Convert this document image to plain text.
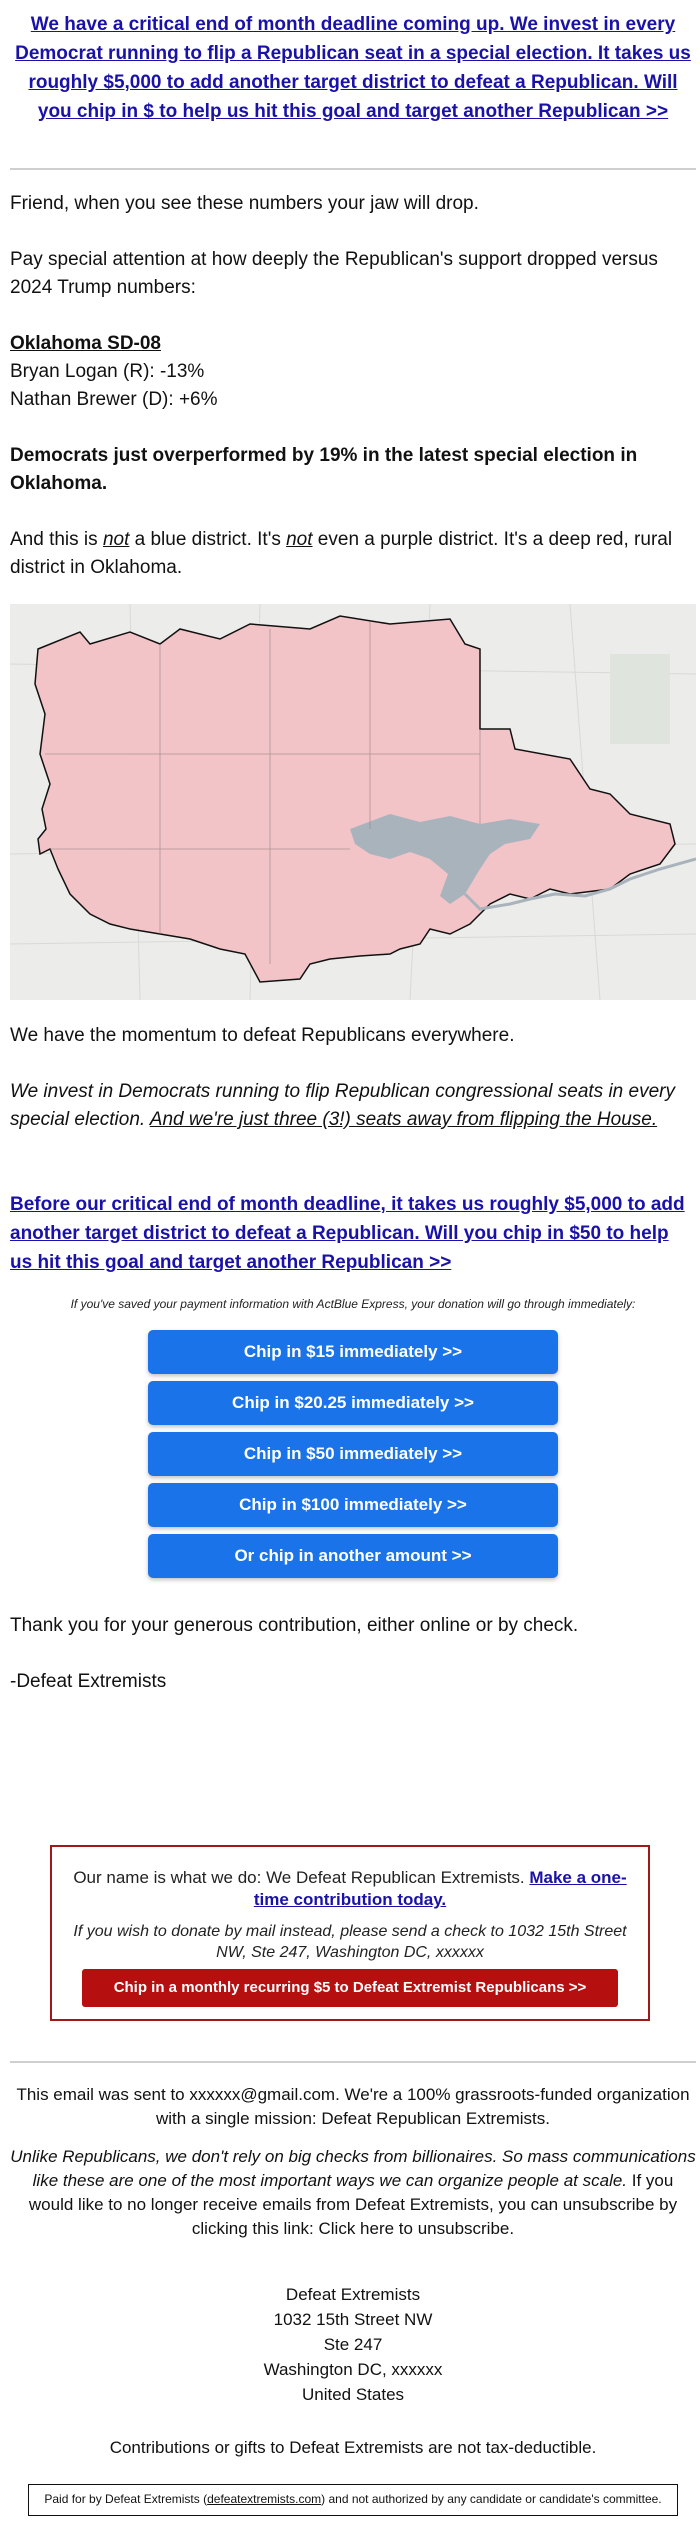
We have a critical end of month deadline coming up. We invest in every Democrat running to flip a Republican seat in a special election. It takes us roughly $5,000 to add another target district to defeat a Republican. Will you chip in $ to help us hit this goal and target another Republican >>
Friend, when you see these numbers your jaw will drop.
Pay special attention at how deeply the Republican's support dropped versus 2024 Trump numbers:
Oklahoma SD-08
Bryan Logan (R): -13%
Nathan Brewer (D): +6%
Democrats just overperformed by 19% in the latest special election in Oklahoma.
And this is not a blue district. It's not even a purple district. It's a deep red, rural district in Oklahoma.
We have the momentum to defeat Republicans everywhere.
We invest in Democrats running to flip Republican congressional seats in every special election. And we're just three (3!) seats away from flipping the House.
Before our critical end of month deadline, it takes us roughly $5,000 to add another target district to defeat a Republican. Will you chip in $50 to help us hit this goal and target another Republican >>
If you've saved your payment information with ActBlue Express, your donation will go through immediately:
Chip in $15 immediately >>
Chip in $20.25 immediately >>
Chip in $50 immediately >>
Chip in $100 immediately >>
Or chip in another amount >>
Thank you for your generous contribution, either online or by check.
-Defeat Extremists
Our name is what we do: We Defeat Republican Extremists. Make a one-time contribution today.
If you wish to donate by mail instead, please send a check to 1032 15th Street NW, Ste 247, Washington DC, xxxxxx
Chip in a monthly recurring $5 to Defeat Extremist Republicans >>
This email was sent to xxxxxx@gmail.com. We're a 100% grassroots-funded organization with a single mission: Defeat Republican Extremists.
Unlike Republicans, we don't rely on big checks from billionaires. So mass communications like these are one of the most important ways we can organize people at scale. If you would like to no longer receive emails from Defeat Extremists, you can unsubscribe by clicking this link: Click here to unsubscribe.
Defeat Extremists
1032 15th Street NW
Ste 247
Washington DC, xxxxxx
United States
Contributions or gifts to Defeat Extremists are not tax-deductible.
Paid for by Defeat Extremists (defeatextremists.com) and not authorized by any candidate or candidate's committee.
